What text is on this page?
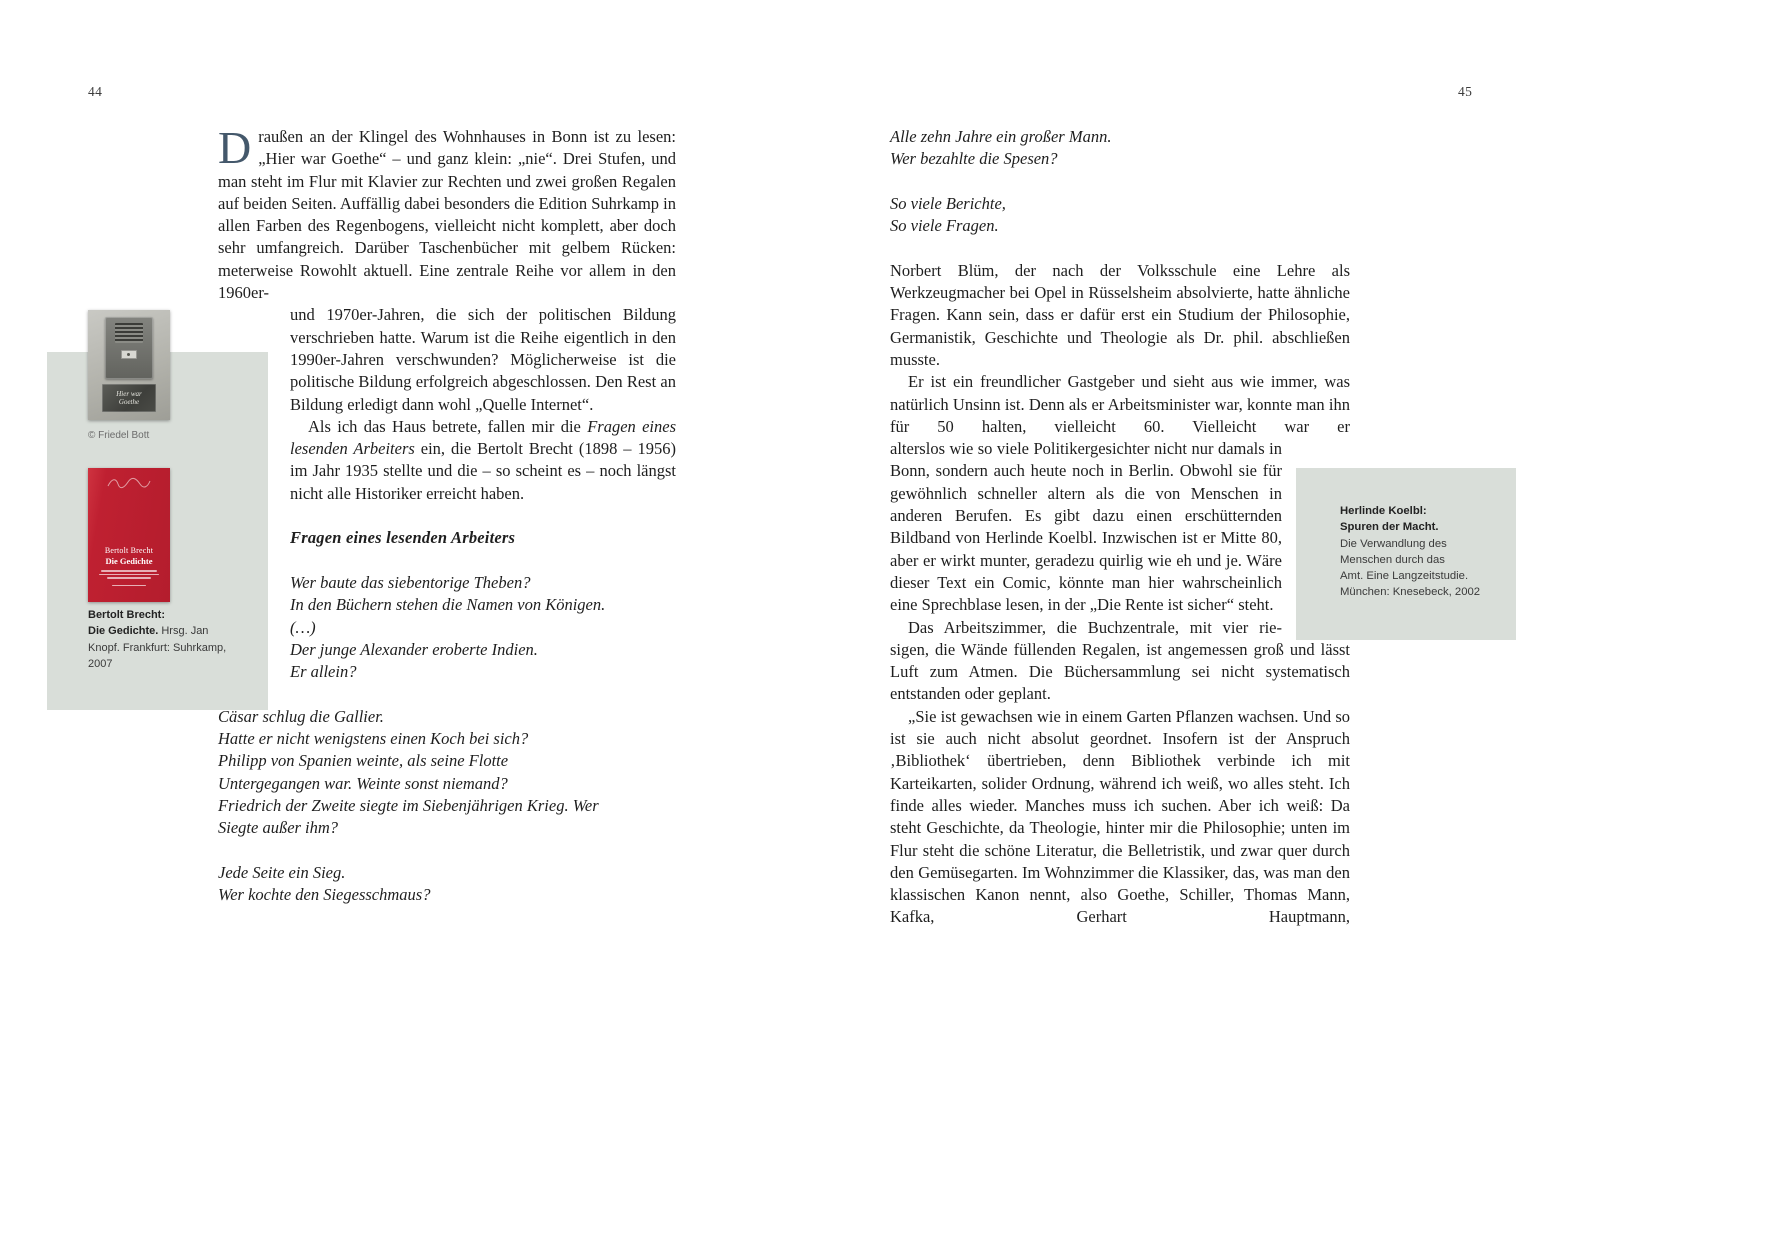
44
Hier war
Goethe
© Friedel Bott
Bertolt Brecht
Die Gedichte
Bertolt Brecht:
Die Gedichte. Hrsg. Jan
Knopf. Frankfurt: Suhrkamp,
2007
Draußen an der Klingel des Wohnhauses in Bonn ist zu lesen: „Hier war Goethe“ – und ganz klein: „nie“. Drei Stufen, und man steht im Flur mit Klavier zur Rechten und zwei großen Regalen auf beiden Seiten. Auffällig dabei besonders die Edition Suhrkamp in allen Farben des Regenbogens, vielleicht nicht komplett, aber doch sehr umfangreich. Darüber Taschenbücher mit gelbem Rücken: meterweise Rowohlt aktuell. Eine zentrale Reihe vor allem in den 1960er-
und 1970er-Jahren, die sich der politischen Bildung verschrieben hatte. Warum ist die Reihe eigentlich in den 1990er-Jahren verschwunden? Möglicherweise ist die politische Bildung erfolgreich abgeschlossen. Den Rest an Bildung erledigt dann wohl „Quelle Internet“.
Als ich das Haus betrete, fallen mir die Fragen eines lesenden Arbeiters ein, die Bertolt Brecht (1898 – 1956) im Jahr 1935 stellte und die – so scheint es – noch längst nicht alle Historiker erreicht haben.
Fragen eines lesenden Arbeiters
Wer baute das siebentorige Theben?
In den Büchern stehen die Namen von Königen.
(…)
Der junge Alexander eroberte Indien.
Er allein?
Cäsar schlug die Gallier.
Hatte er nicht wenigstens einen Koch bei sich?
Philipp von Spanien weinte, als seine Flotte
Untergegangen war. Weinte sonst niemand?
Friedrich der Zweite siegte im Siebenjährigen Krieg. Wer
Siegte außer ihm?
Jede Seite ein Sieg.
Wer kochte den Siegesschmaus?
45
Herlinde Koelbl:
Spuren der Macht.
Die Verwandlung des
Menschen durch das
Amt. Eine Langzeitstudie.
München: Knesebeck, 2002
Alle zehn Jahre ein großer Mann.
Wer bezahlte die Spesen?
So viele Berichte,
So viele Fragen.
Norbert Blüm, der nach der Volksschule eine Lehre als Werkzeugmacher bei Opel in Rüsselsheim absolvierte, hatte ähnliche Fragen. Kann sein, dass er dafür erst ein Studium der Philosophie, Germanistik, Geschichte und Theologie als Dr. phil. abschließen musste.
Er ist ein freundlicher Gastgeber und sieht aus wie immer, was natürlich Unsinn ist. Denn als er Arbeitsminister war, konnte man ihn für 50 halten, vielleicht 60. Vielleicht war er
alterslos wie so viele Politikergesichter nicht nur damals in Bonn, sondern auch heute noch in Berlin. Obwohl sie für gewöhnlich schneller altern als die von Menschen in anderen Berufen. Es gibt dazu einen erschütternden Bildband von Herlinde Koelbl. Inzwischen ist er Mitte 80, aber er wirkt munter, geradezu quirlig wie eh und je. Wäre dieser Text ein Comic, könnte man hier wahrscheinlich eine Sprechblase lesen, in der „Die Rente ist sicher“ steht.
Das Arbeitszimmer, die Buchzentrale, mit vier rie-
sigen, die Wände füllenden Regalen, ist angemessen groß und lässt Luft zum Atmen. Die Büchersammlung sei nicht systematisch entstanden oder geplant.
„Sie ist gewachsen wie in einem Garten Pflanzen wachsen. Und so ist sie auch nicht absolut geordnet. Insofern ist der Anspruch ‚Bibliothek‘ übertrieben, denn Bibliothek verbinde ich mit Karteikarten, solider Ordnung, während ich weiß, wo alles steht. Ich finde alles wieder. Manches muss ich suchen. Aber ich weiß: Da steht Geschichte, da Theologie, hinter mir die Philosophie; unten im Flur steht die schöne Literatur, die Belletristik, und zwar quer durch den Gemüsegarten. Im Wohnzimmer die Klassiker, das, was man den klassischen Kanon nennt, also Goethe, Schiller, Thomas Mann, Kafka, Gerhart Hauptmann,
